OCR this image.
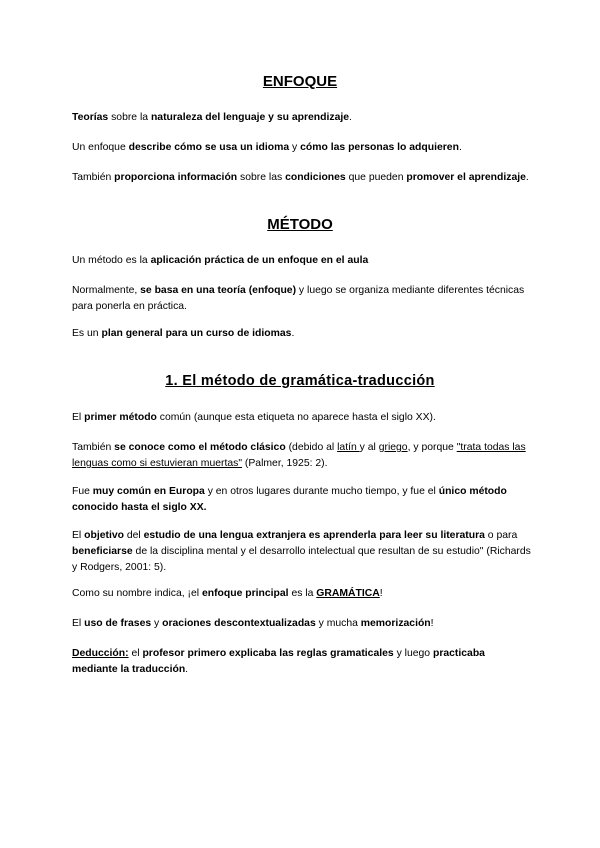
ENFOQUE

Teorías sobre la naturaleza del lenguaje y su aprendizaje.

Un enfoque describe cómo se usa un idioma y cómo las personas lo adquieren.

También proporciona información sobre las condiciones que pueden promover el aprendizaje.

MÉTODO

Un método es la aplicación práctica de un enfoque en el aula

Normalmente, se basa en una teoría (enfoque) y luego se organiza mediante diferentes técnicas para ponerla en práctica.

Es un plan general para un curso de idiomas.

1. El método de gramática-traducción

El primer método común (aunque esta etiqueta no aparece hasta el siglo XX).

También se conoce como el método clásico (debido al latín y al griego, y porque "trata todas las lenguas como si estuvieran muertas" (Palmer, 1925: 2).

Fue muy común en Europa y en otros lugares durante mucho tiempo, y fue el único método conocido hasta el siglo XX.

El objetivo del estudio de una lengua extranjera es aprenderla para leer su literatura o para beneficiarse de la disciplina mental y el desarrollo intelectual que resultan de su estudio" (Richards y Rodgers, 2001: 5).

Como su nombre indica, ¡el enfoque principal es la GRAMÁTICA!

El uso de frases y oraciones descontextualizadas y mucha memorización!

Deducción: el profesor primero explicaba las reglas gramaticales y luego practicaba mediante la traducción.
